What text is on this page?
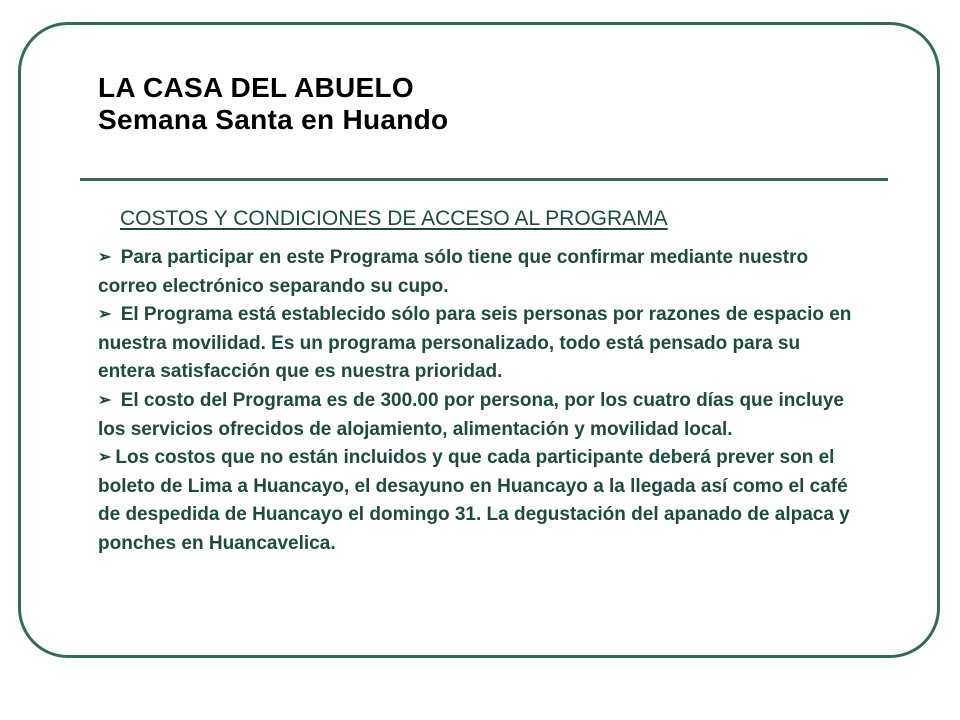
LA CASA DEL ABUELO
Semana Santa en Huando
COSTOS Y CONDICIONES DE ACCESO AL PROGRAMA

➢ Para participar en este Programa sólo tiene que confirmar mediante nuestro correo electrónico separando su cupo.

➢ El Programa está establecido sólo para seis personas por razones de espacio en nuestra movilidad. Es un programa personalizado, todo está pensado para su entera satisfacción que es nuestra prioridad.

➢ El costo del Programa es de 300.00 por persona, por los cuatro días que incluye los servicios ofrecidos de alojamiento, alimentación y movilidad local.

➢ Los costos que no están incluidos y que cada participante deberá prever son el boleto de Lima a Huancayo, el desayuno en Huancayo a la llegada así como el café de despedida de Huancayo el domingo 31. La degustación del apanado de alpaca y ponches en Huancavelica.
